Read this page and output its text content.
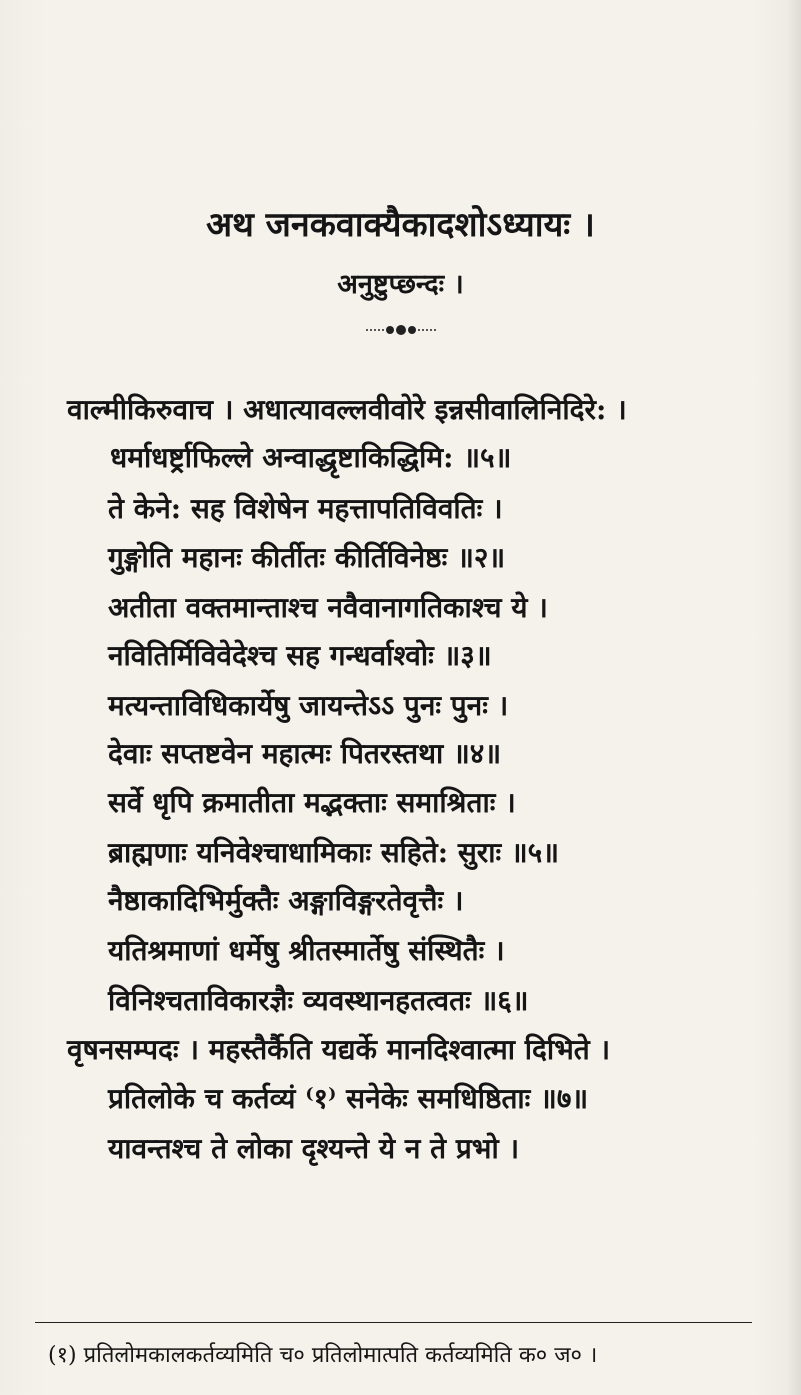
अथ जनकवाक्यैकादशोऽध्यायः ।
अनुष्टुप्छन्दः ।
वाल्मीकिरुवाच । अधात्यावल्लवीवोरे इन्नसीवालिनिदिरे: ।
धर्माधर्ष्ट्राफिल्ले अन्वाद्धृष्टाकिद्धिमि: ॥५॥
ते केने: सह विशेषेन महत्तापतिविवतिः ।
गुङ्गोति महानः कीर्तीतः कीर्तिविनेष्ठः ॥२॥
अतीता वक्तमान्ताश्च नवैवानागतिकाश्च ये ।
नवितिर्मिविवेदेश्च सह गन्धर्वाश्वोः ॥३॥
मत्यन्ताविधिकार्येषु जायन्तेऽऽ पुनः पुनः ।
देवाः सप्तष्टवेन महात्मः पितरस्तथा ॥४॥
सर्वे धृपि क्रमातीता मद्भक्ताः समाश्रिताः ।
ब्राह्मणाः यनिवेश्चाधामिकाः सहिते: सुराः ॥५॥
नैष्ठाकादिभिर्मुक्तैः अङ्गाविङ्गरतेवृत्तैः ।
यतिश्रमाणां धर्मेषु श्रीतस्मार्तेषु संस्थितैः ।
विनिश्चताविकारज्ञैः व्यवस्थानहतत्वतः ॥६॥
वृषनसम्पदः । महस्तैर्कैति यद्यर्के मानदिश्वात्मा दिभिते ।
प्रतिलोके च कर्तव्यं ⁽१⁾ सनेकेः समधिष्ठिताः ॥७॥
यावन्तश्च ते लोका दृश्यन्ते ये न ते प्रभो ।
(१) प्रतिलोमकालकर्तव्यमिति च० प्रतिलोमात्पति कर्तव्यमिति क० ज० ।
